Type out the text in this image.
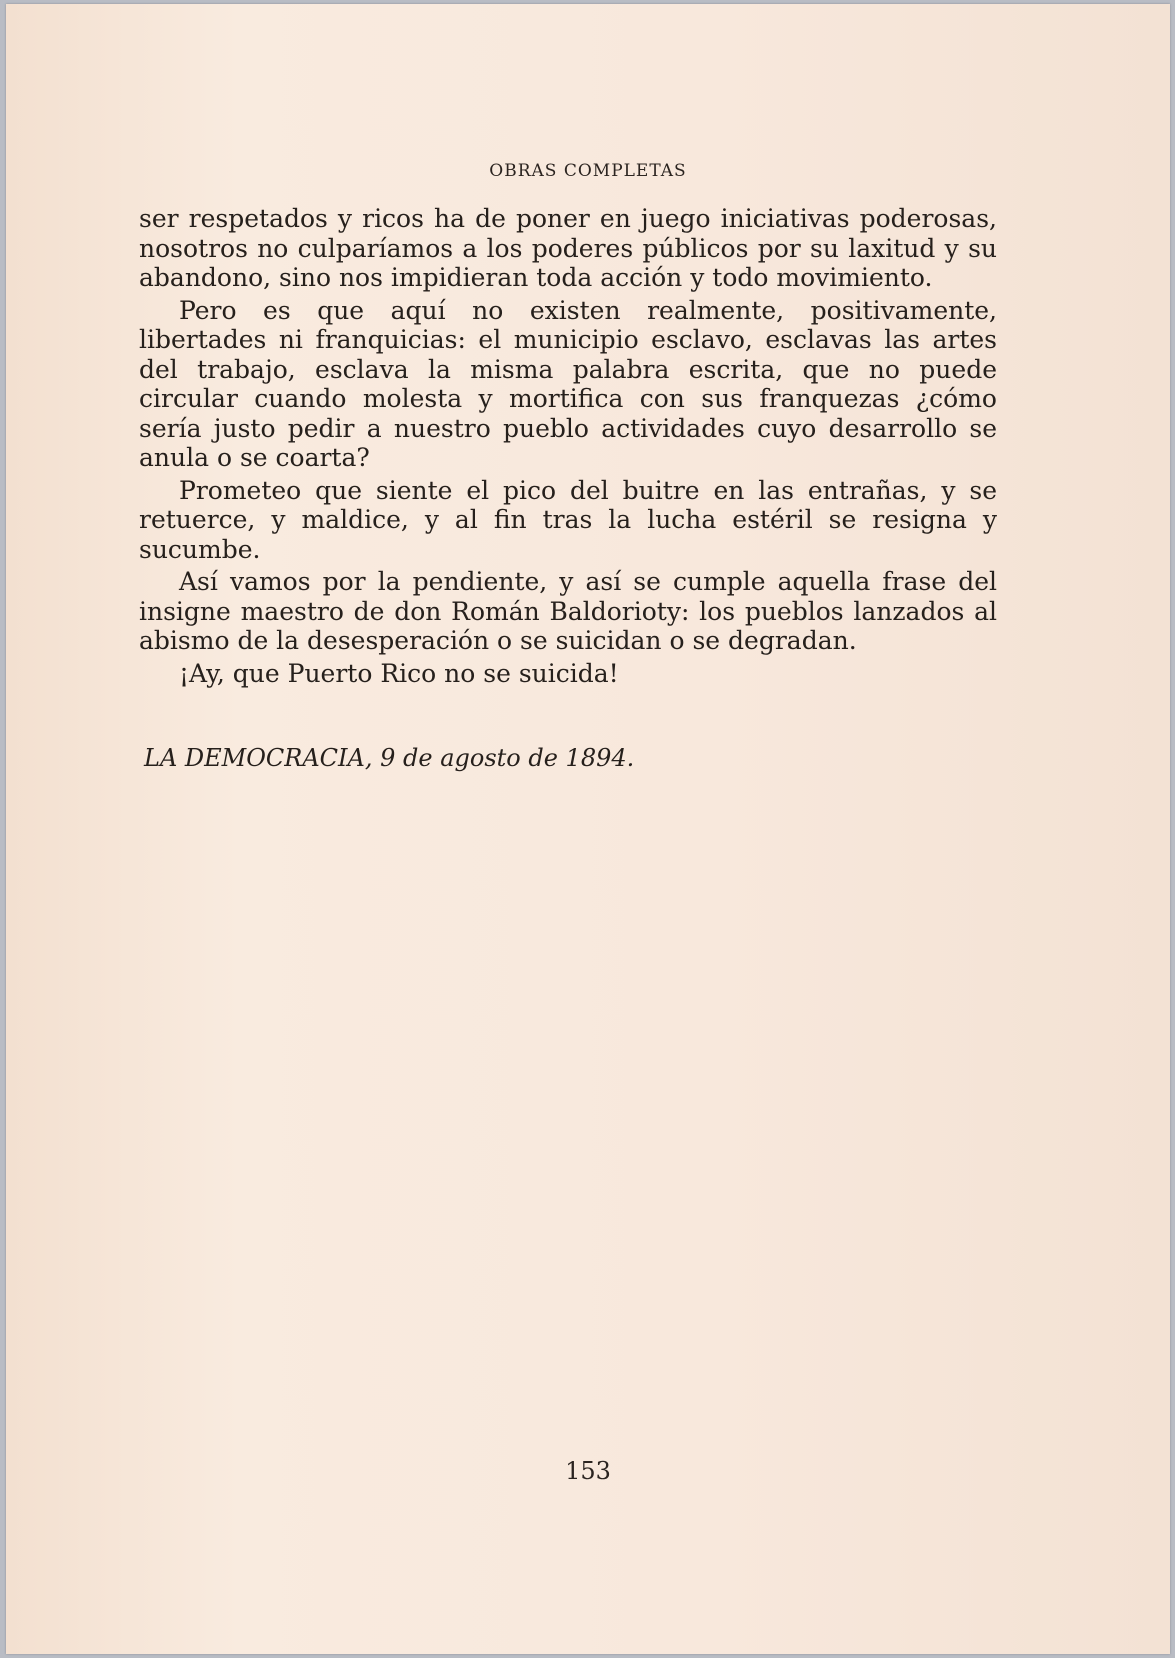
OBRAS COMPLETAS

ser respetados y ricos ha de poner en juego iniciativas poderosas, nosotros no culparíamos a los poderes públicos por su laxitud y su abandono, sino nos impidieran toda acción y todo movimiento.

Pero es que aquí no existen realmente, positivamente, libertades ni franquicias: el municipio esclavo, esclavas las artes del trabajo, esclava la misma palabra escrita, que no puede circular cuando molesta y mortifica con sus franquezas ¿cómo sería justo pedir a nuestro pueblo actividades cuyo desarrollo se anula o se coarta?

Prometeo que siente el pico del buitre en las entrañas, y se retuerce, y maldice, y al fin tras la lucha estéril se resigna y sucumbe.

Así vamos por la pendiente, y así se cumple aquella frase del insigne maestro de don Román Baldorioty: los pueblos lanzados al abismo de la desesperación o se suicidan o se degradan.

¡Ay, que Puerto Rico no se suicida!

LA DEMOCRACIA, 9 de agosto de 1894.
153
